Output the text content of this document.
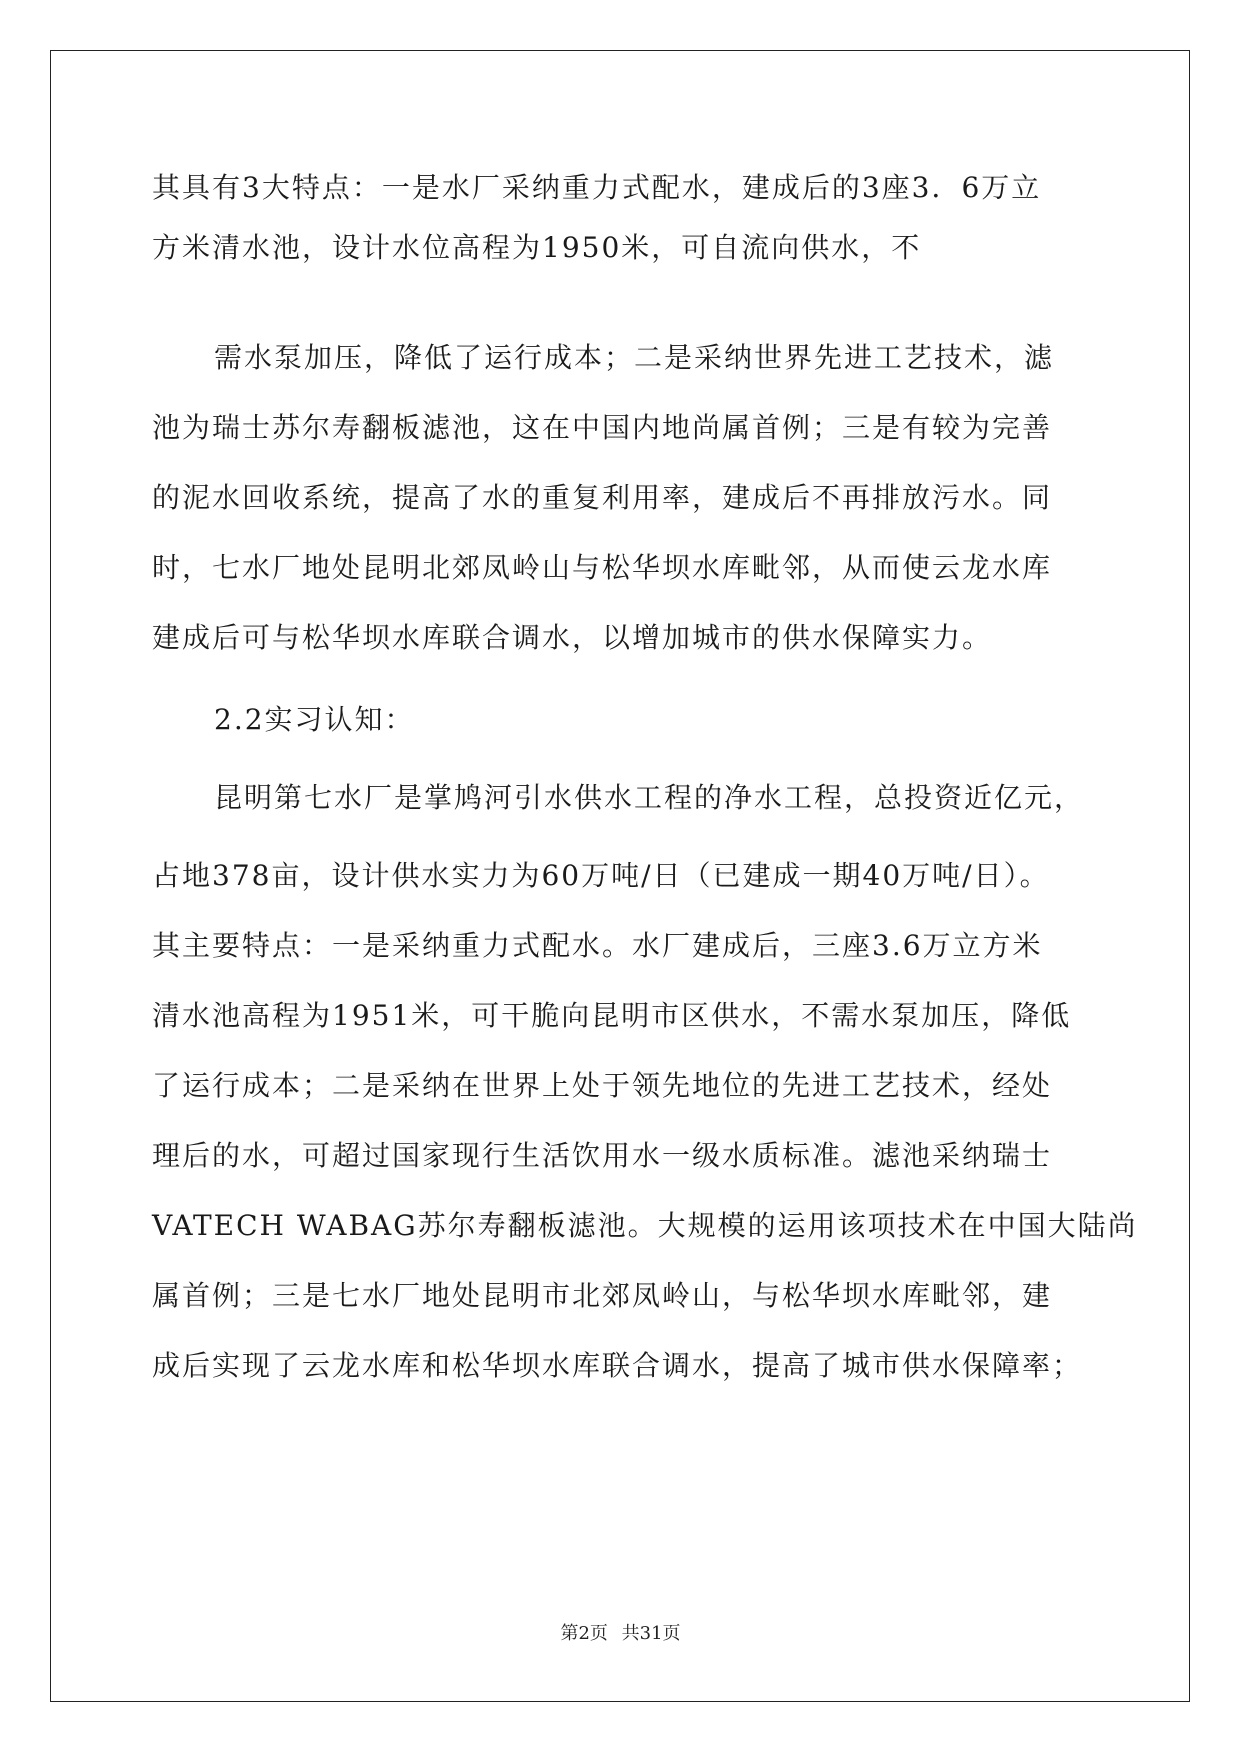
其具有3大特点：一是水厂采纳重力式配水，建成后的3座3．6万立
方米清水池，设计水位高程为1950米，可自流向供水，不
需水泵加压，降低了运行成本；二是采纳世界先进工艺技术，滤
池为瑞士苏尔寿翻板滤池，这在中国内地尚属首例；三是有较为完善
的泥水回收系统，提高了水的重复利用率，建成后不再排放污水。同
时，七水厂地处昆明北郊凤岭山与松华坝水库毗邻，从而使云龙水库
建成后可与松华坝水库联合调水，以增加城市的供水保障实力。
2.2实习认知：
昆明第七水厂是掌鸠河引水供水工程的净水工程，总投资近亿元，
占地378亩，设计供水实力为60万吨/日（已建成一期40万吨/日）。
其主要特点：一是采纳重力式配水。水厂建成后，三座3.6万立方米
清水池高程为1951米，可干脆向昆明市区供水，不需水泵加压，降低
了运行成本；二是采纳在世界上处于领先地位的先进工艺技术，经处
理后的水，可超过国家现行生活饮用水一级水质标准。滤池采纳瑞士
VATECH WABAG苏尔寿翻板滤池。大规模的运用该项技术在中国大陆尚
属首例；三是七水厂地处昆明市北郊凤岭山，与松华坝水库毗邻，建
成后实现了云龙水库和松华坝水库联合调水，提高了城市供水保障率；
第2页 共31页
